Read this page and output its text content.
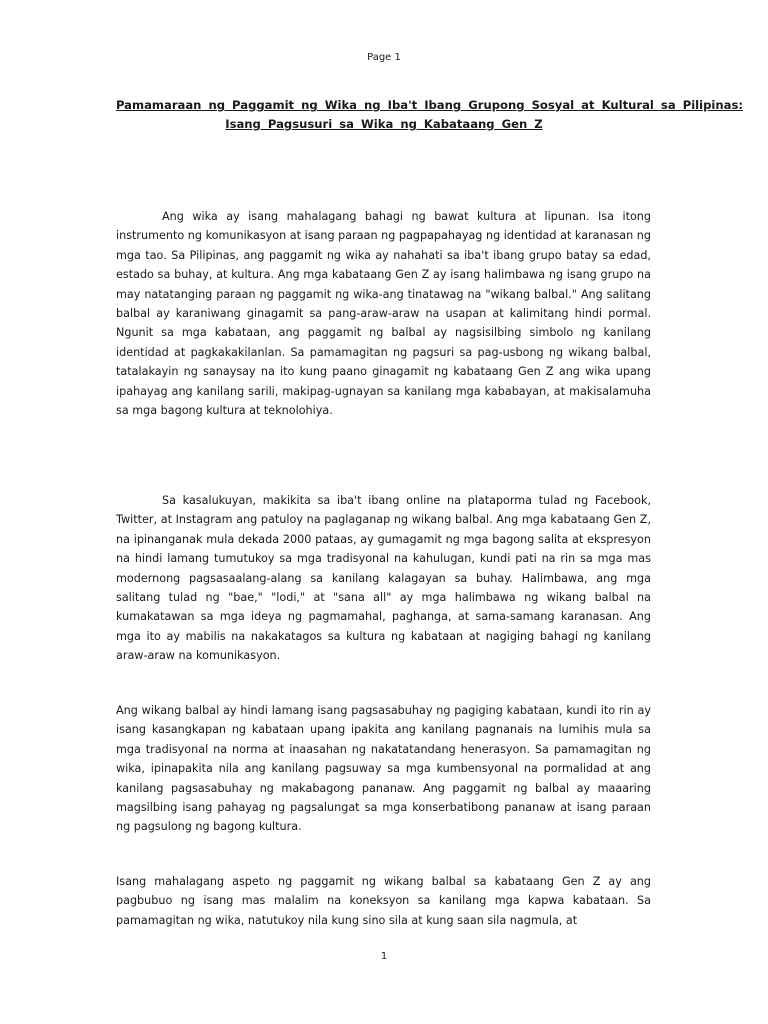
Page 1

Pamamaraan ng Paggamit ng Wika ng Iba't Ibang Grupong Sosyal at Kultural sa Pilipinas:
Isang Pagsusuri sa Wika ng Kabataang Gen Z

Ang wika ay isang mahalagang bahagi ng bawat kultura at lipunan. Isa itong instrumento ng komunikasyon at isang paraan ng pagpapahayag ng identidad at karanasan ng mga tao. Sa Pilipinas, ang paggamit ng wika ay nahahati sa iba't ibang grupo batay sa edad, estado sa buhay, at kultura. Ang mga kabataang Gen Z ay isang halimbawa ng isang grupo na may natatanging paraan ng paggamit ng wika-ang tinatawag na "wikang balbal." Ang salitang balbal ay karaniwang ginagamit sa pang-araw-araw na usapan at kalimitang hindi pormal. Ngunit sa mga kabataan, ang paggamit ng balbal ay nagsisilbing simbolo ng kanilang identidad at pagkakakilanlan. Sa pamamagitan ng pagsuri sa pag-usbong ng wikang balbal, tatalakayin ng sanaysay na ito kung paano ginagamit ng kabataang Gen Z ang wika upang ipahayag ang kanilang sarili, makipag-ugnayan sa kanilang mga kababayan, at makisalamuha sa mga bagong kultura at teknolohiya.

Sa kasalukuyan, makikita sa iba't ibang online na plataporma tulad ng Facebook, Twitter, at Instagram ang patuloy na paglaganap ng wikang balbal. Ang mga kabataang Gen Z, na ipinanganak mula dekada 2000 pataas, ay gumagamit ng mga bagong salita at ekspresyon na hindi lamang tumutukoy sa mga tradisyonal na kahulugan, kundi pati na rin sa mga mas modernong pagsasaalang-alang sa kanilang kalagayan sa buhay. Halimbawa, ang mga salitang tulad ng "bae," "lodi," at "sana all" ay mga halimbawa ng wikang balbal na kumakatawan sa mga ideya ng pagmamahal, paghanga, at sama-samang karanasan. Ang mga ito ay mabilis na nakakatagos sa kultura ng kabataan at nagiging bahagi ng kanilang araw-araw na komunikasyon.

Ang wikang balbal ay hindi lamang isang pagsasabuhay ng pagiging kabataan, kundi ito rin ay isang kasangkapan ng kabataan upang ipakita ang kanilang pagnanais na lumihis mula sa mga tradisyonal na norma at inaasahan ng nakatatandang henerasyon. Sa pamamagitan ng wika, ipinapakita nila ang kanilang pagsuway sa mga kumbensyonal na pormalidad at ang kanilang pagsasabuhay ng makabagong pananaw. Ang paggamit ng balbal ay maaaring magsilbing isang pahayag ng pagsalungat sa mga konserbatibong pananaw at isang paraan ng pagsulong ng bagong kultura.

Isang mahalagang aspeto ng paggamit ng wikang balbal sa kabataang Gen Z ay ang pagbubuo ng isang mas malalim na koneksyon sa kanilang mga kapwa kabataan. Sa pamamagitan ng wika, natutukoy nila kung sino sila at kung saan sila nagmula, at

1
